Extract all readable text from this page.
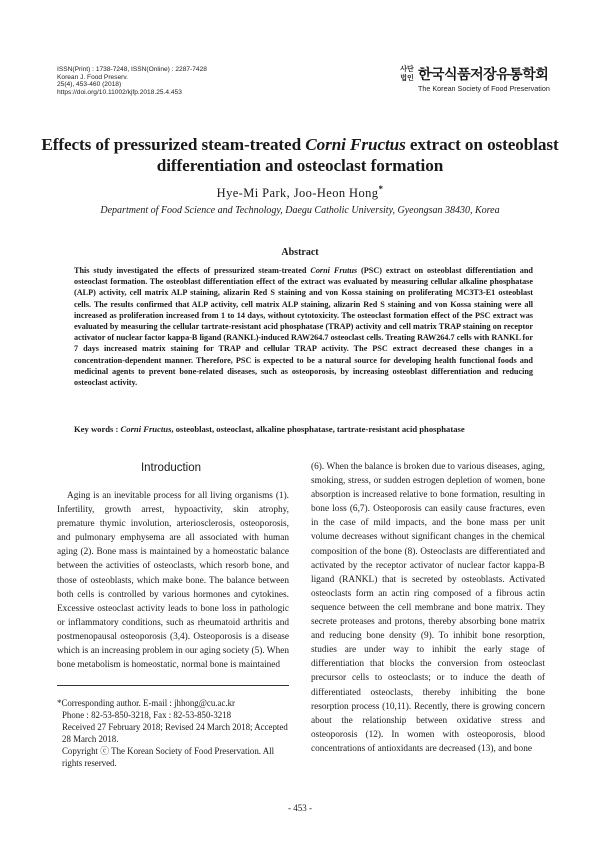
ISSN(Print) : 1738-7248, ISSN(Online) : 2287-7428
Korean J. Food Preserv.
25(4), 453-460 (2018)
https://doi.org/10.11002/kjfp.2018.25.4.453
사단
법인 한국식품저장유통학회
The Korean Society of Food Preservation
Effects of pressurized steam-treated Corni Fructus extract on osteoblast differentiation and osteoclast formation
Hye-Mi Park, Joo-Heon Hong*
Department of Food Science and Technology, Daegu Catholic University, Gyeongsan 38430, Korea
Abstract
This study investigated the effects of pressurized steam-treated Corni Frutus (PSC) extract on osteoblast differentiation and osteoclast formation. The osteoblast differentiation effect of the extract was evaluated by measuring cellular alkaline phosphatase (ALP) activity, cell matrix ALP staining, alizarin Red S staining and von Kossa staining on proliferating MC3T3-E1 osteoblast cells. The results confirmed that ALP activity, cell matrix ALP staining, alizarin Red S staining and von Kossa staining were all increased as proliferation increased from 1 to 14 days, without cytotoxicity. The osteoclast formation effect of the PSC extract was evaluated by measuring the cellular tartrate-resistant acid phosphatase (TRAP) activity and cell matrix TRAP staining on receptor activator of nuclear factor kappa-B ligand (RANKL)-induced RAW264.7 osteoclast cells. Treating RAW264.7 cells with RANKL for 7 days increased matrix staining for TRAP and cellular TRAP activity. The PSC extract decreased these changes in a concentration-dependent manner. Therefore, PSC is expected to be a natural source for developing health functional foods and medicinal agents to prevent bone-related diseases, such as osteoporosis, by increasing osteoblast differentiation and reducing osteoclast activity.
Key words : Corni Fructus, osteoblast, osteoclast, alkaline phosphatase, tartrate-resistant acid phosphatase
Introduction
Aging is an inevitable process for all living organisms (1). Infertility, growth arrest, hypoactivity, skin atrophy, premature thymic involution, arteriosclerosis, osteoporosis, and pulmonary emphysema are all associated with human aging (2). Bone mass is maintained by a homeostatic balance between the activities of osteoclasts, which resorb bone, and those of osteoblasts, which make bone. The balance between both cells is controlled by various hormones and cytokines. Excessive osteoclast activity leads to bone loss in pathologic or inflammatory conditions, such as rheumatoid arthritis and postmenopausal osteoporosis (3,4). Osteoporosis is a disease which is an increasing problem in our aging society (5). When bone metabolism is homeostatic, normal bone is maintained
(6). When the balance is broken due to various diseases, aging, smoking, stress, or sudden estrogen depletion of women, bone absorption is increased relative to bone formation, resulting in bone loss (6,7). Osteoporosis can easily cause fractures, even in the case of mild impacts, and the bone mass per unit volume decreases without significant changes in the chemical composition of the bone (8). Osteoclasts are differentiated and activated by the receptor activator of nuclear factor kappa-B ligand (RANKL) that is secreted by osteoblasts. Activated osteoclasts form an actin ring composed of a fibrous actin sequence between the cell membrane and bone matrix. They secrete proteases and protons, thereby absorbing bone matrix and reducing bone density (9). To inhibit bone resorption, studies are under way to inhibit the early stage of differentiation that blocks the conversion from osteoclast precursor cells to osteoclasts; or to induce the death of differentiated osteoclasts, thereby inhibiting the bone resorption process (10,11). Recently, there is growing concern about the relationship between oxidative stress and osteoporosis (12). In women with osteoporosis, blood concentrations of antioxidants are decreased (13), and bone
*Corresponding author. E-mail : jhhong@cu.ac.kr
Phone : 82-53-850-3218, Fax : 82-53-850-3218
Received 27 February 2018; Revised 24 March 2018; Accepted 28 March 2018.
Copyright ⓒ The Korean Society of Food Preservation. All rights reserved.
- 453 -
